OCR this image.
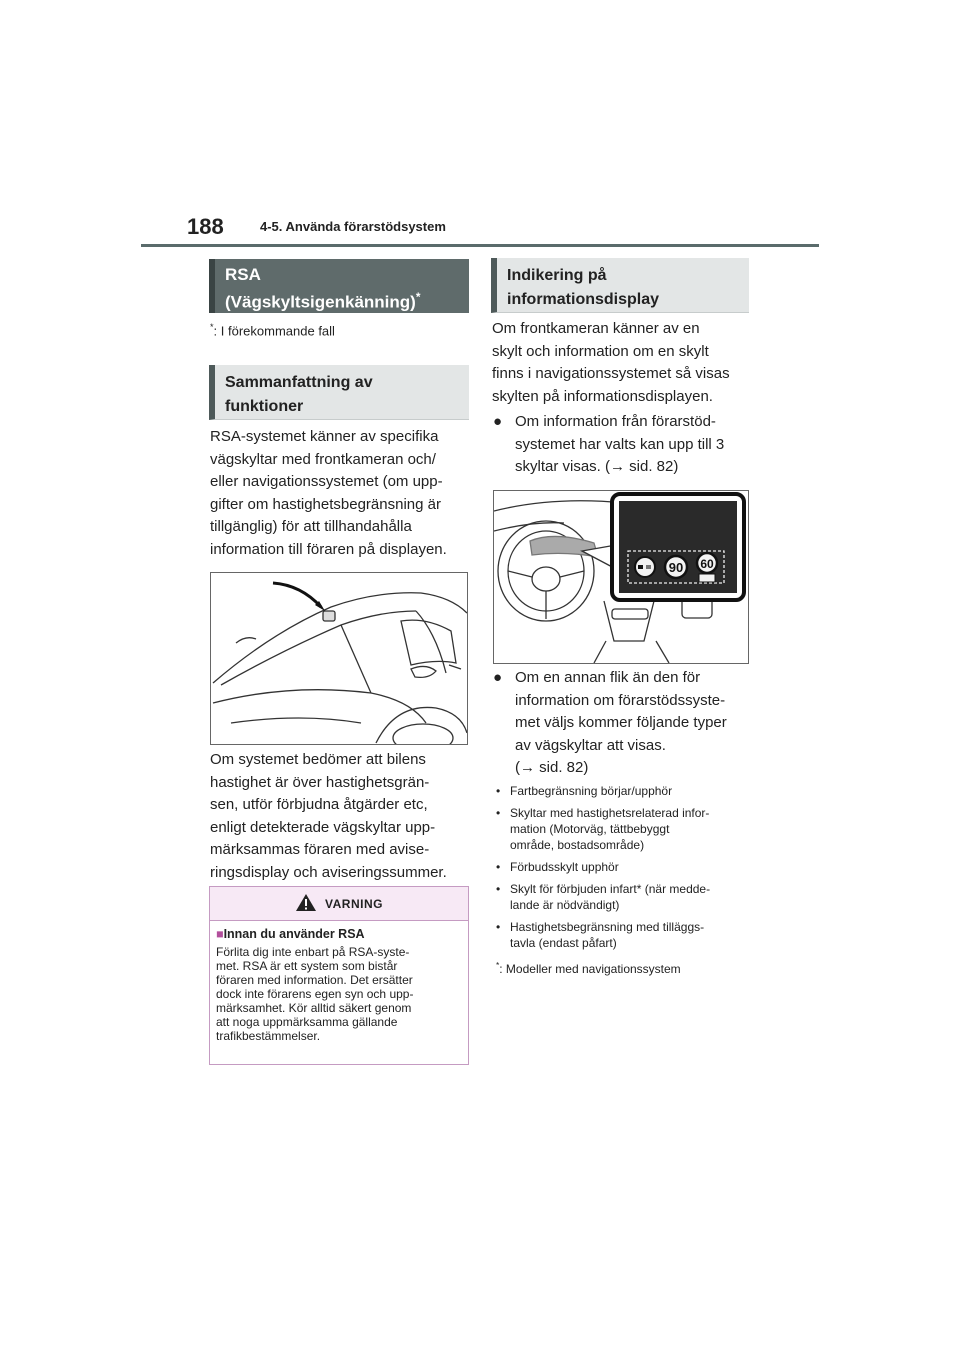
188	4-5. Använda förarstödsystem
RSA
(Vägskyltsigenkänning)*
*: I förekommande fall
Sammanfattning av
funktioner
RSA-systemet känner av specifika
vägskyltar med frontkameran och/
eller navigationssystemet (om upp-
gifter om hastighetsbegränsning är
tillgänglig) för att tillhandahålla
information till föraren på displayen.
Om systemet bedömer att bilens
hastighet är över hastighetsgrän-
sen, utför förbjudna åtgärder etc,
enligt detekterade vägskyltar upp-
märksammas föraren med avise-
ringsdisplay och aviseringssummer.
VARNING
■Innan du använder RSA
Förlita dig inte enbart på RSA-syste-
met. RSA är ett system som bistår
föraren med information. Det ersätter
dock inte förarens egen syn och upp-
märksamhet. Kör alltid säkert genom
att noga uppmärksamma gällande
trafikbestämmelser.
Indikering på
informationsdisplay
Om frontkameran känner av en
skylt och information om en skylt
finns i navigationssystemet så visas
skylten på informationsdisplayen.
● Om information från förarstöd-
systemet har valts kan upp till 3
skyltar visas. (→ sid. 82)
90 60
● Om en annan flik än den för
information om förarstödssyste-
met väljs kommer följande typer
av vägskyltar att visas.
(→ sid. 82)
• Fartbegränsning börjar/upphör
• Skyltar med hastighetsrelaterad infor-
mation (Motorväg, tättbebyggt
område, bostadsområde)
• Förbudsskylt upphör
• Skylt för förbjuden infart* (när medde-
lande är nödvändigt)
• Hastighetsbegränsning med tilläggs-
tavla (endast påfart)
*: Modeller med navigationssystem
